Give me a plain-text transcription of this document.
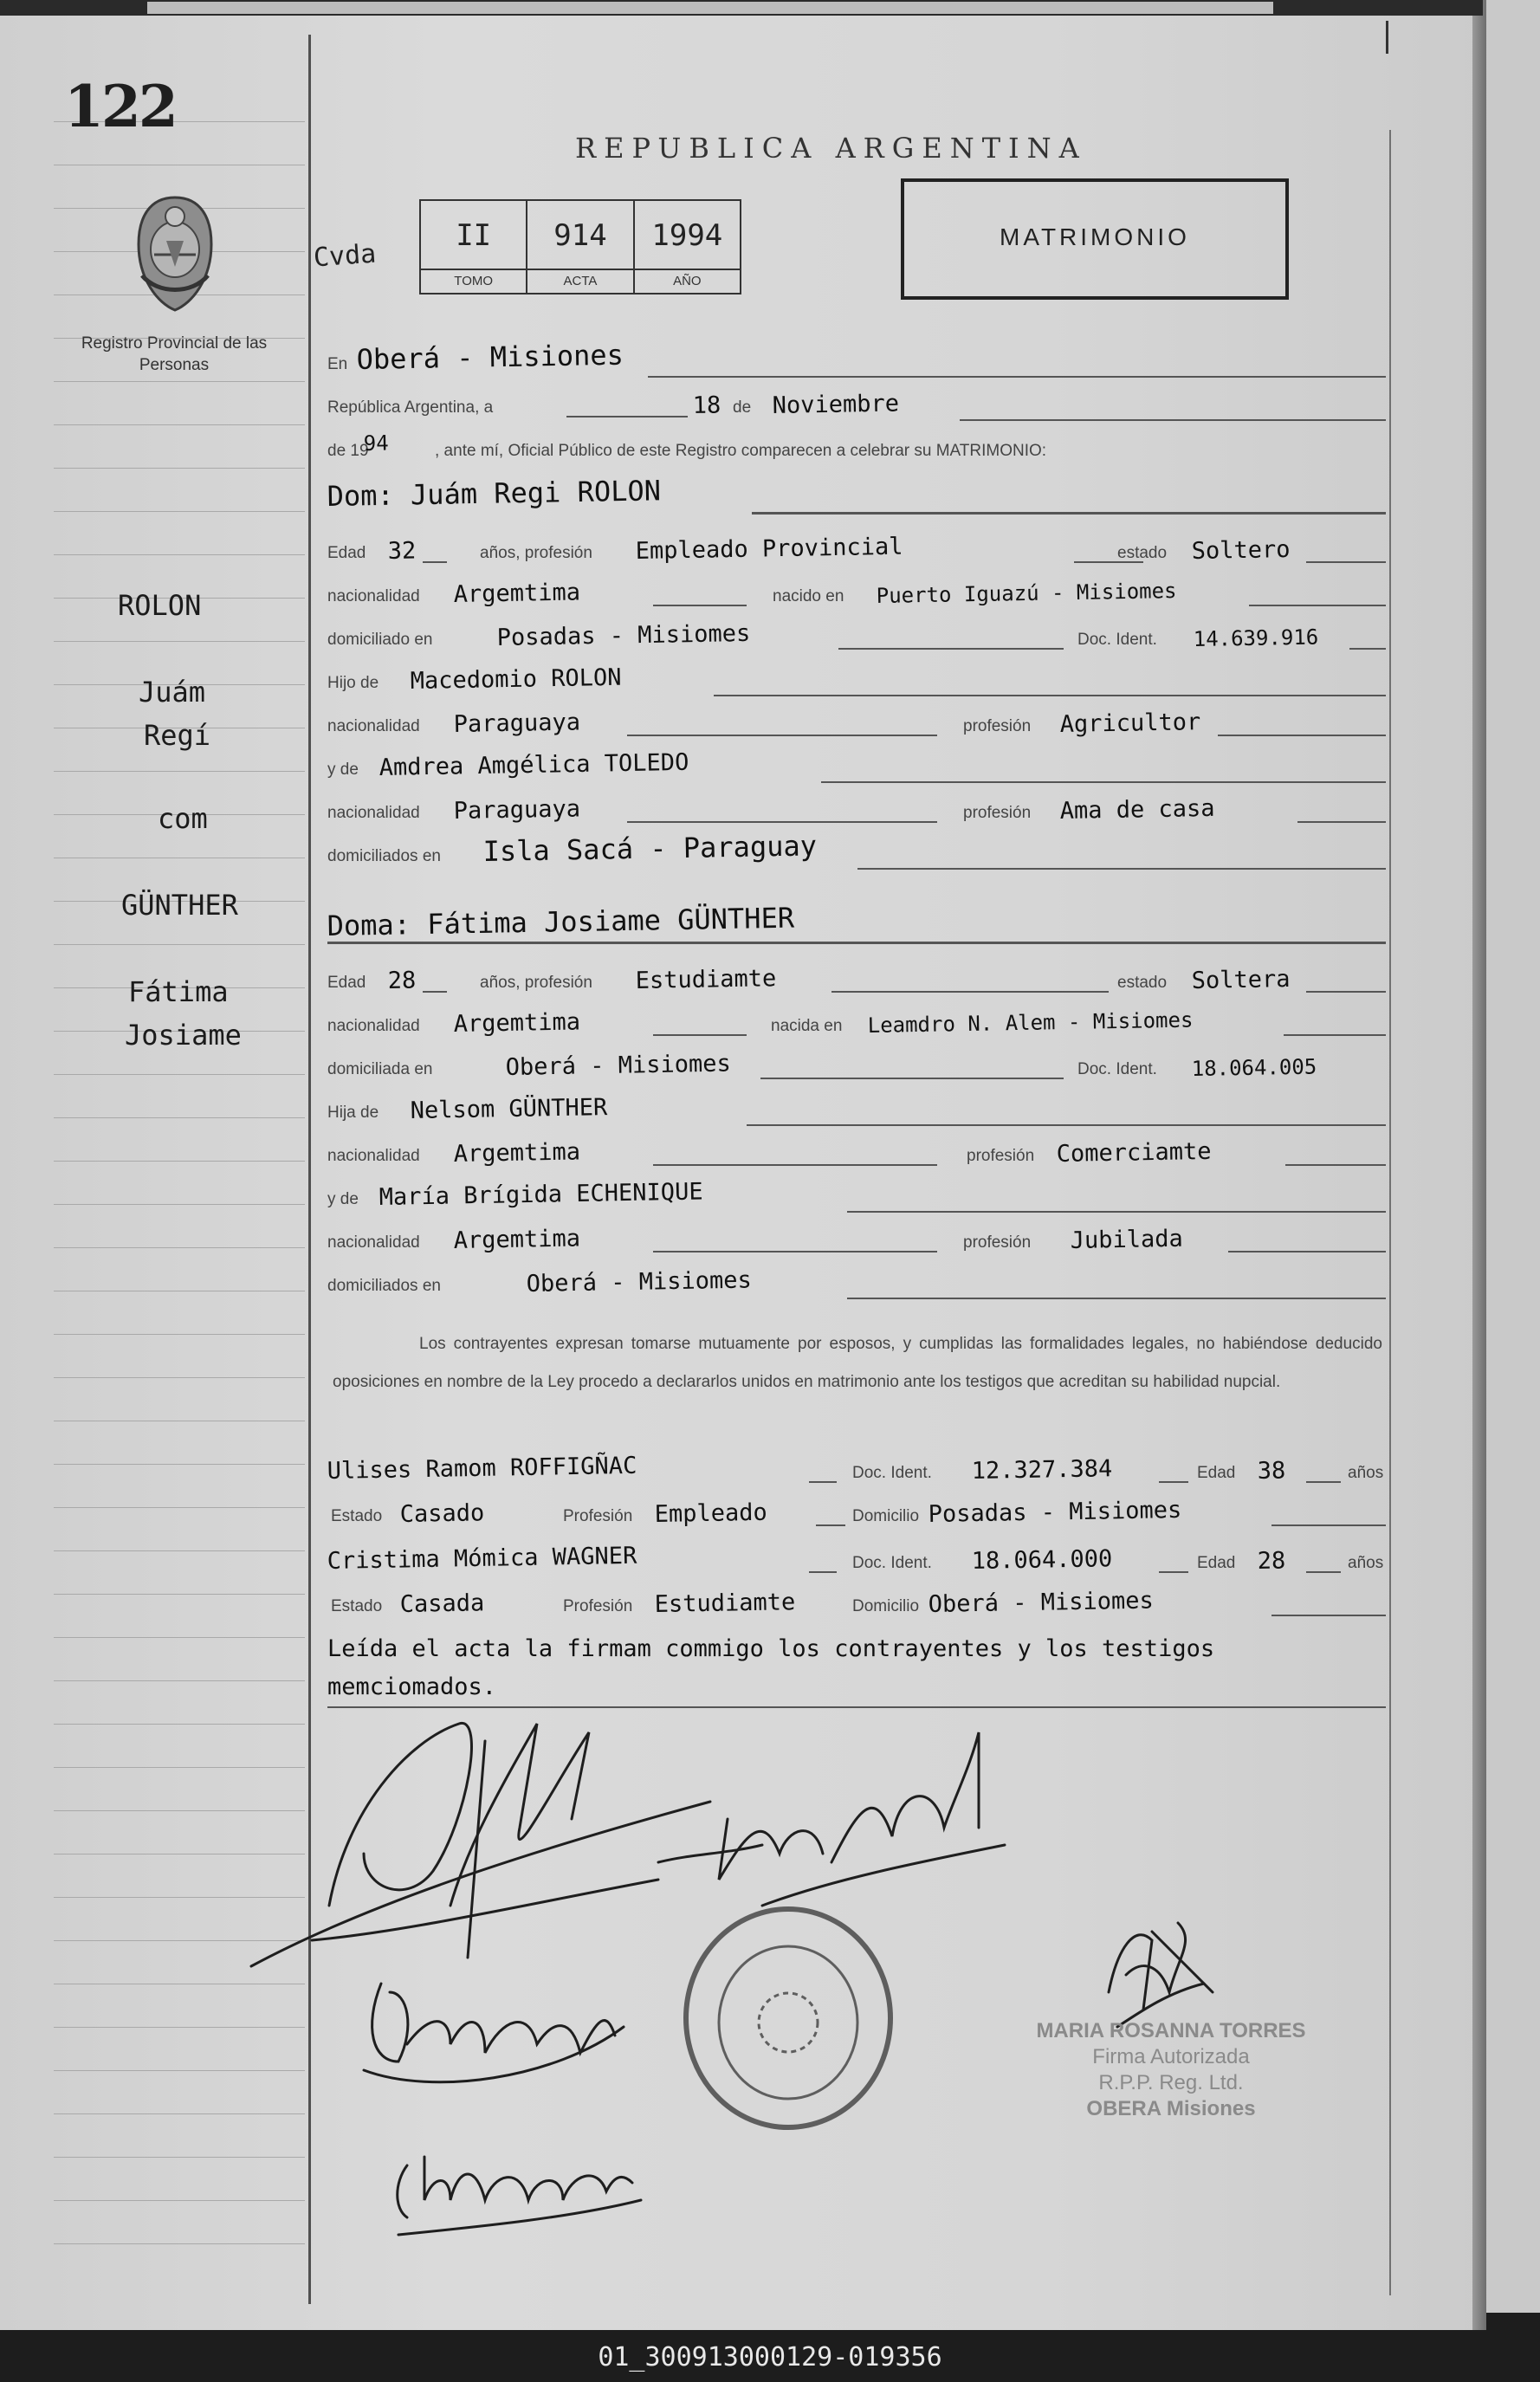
122
Registro Provincial de las Personas
REPUBLICA ARGENTINA
Cvda
II
TOMO
914
ACTA
1994
AÑO
MATRIMONIO
En Oberá - Misiones
República Argentina, a	18 de Noviembre
de 19
94	, ante mí, Oficial Público de este Registro comparecen a celebrar su MATRIMONIO:
Dom: Juám Regi ROLON
Edad 32	años, profesión Empleado Provincial	estado Soltero
nacionalidad Argemtima	nacido en Puerto Iguazú - Misiomes
domiciliado en	Posadas - Misiomes	Doc. Ident. 14.639.916
Hijo de Macedomio ROLON
nacionalidad Paraguaya	profesión Agricultor
y de Amdrea Amgélica TOLEDO
nacionalidad Paraguaya	profesión Ama de casa
domiciliados en Isla Sacá - Paraguay
Doma: Fátima Josiame GÜNTHER
Edad 28	años, profesión Estudiamte	estado Soltera
nacionalidad Argemtima	nacida en Leamdro N. Alem - Misiomes
domiciliada en	Oberá - Misiomes	Doc. Ident. 18.064.005
Hija de Nelsom GÜNTHER
nacionalidad Argemtima	profesión Comerciamte
y de María Brígida ECHENIQUE
nacionalidad Argemtima	profesión Jubilada
domiciliados en	Oberá - Misiomes
Los contrayentes expresan tomarse mutuamente por esposos, y cumplidas las formalidades legales, no habiéndose deducido oposiciones en nombre de la Ley procedo a declararlos unidos en matrimonio ante los testigos que acreditan su habilidad nupcial.
Ulises Ramom ROFFIGÑAC	Doc. Ident. 12.327.384	Edad 38	años
Estado Casado	Profesión Empleado	Domicilio Posadas - Misiomes
Cristima Mómica WAGNER	Doc. Ident. 18.064.000	Edad 28	años
Estado Casada	Profesión Estudiamte	Domicilio Oberá - Misiomes
Leída el acta la firmam commigo los contrayentes y los testigos memciomados.
ROLON
Juám
Regí
com
GÜNTHER
Fátima
Josiame
MARIA ROSANNA TORRES
Firma Autorizada
R.P.P. Reg. Ltd.
OBERA Misiones
01_300913000129-019356
